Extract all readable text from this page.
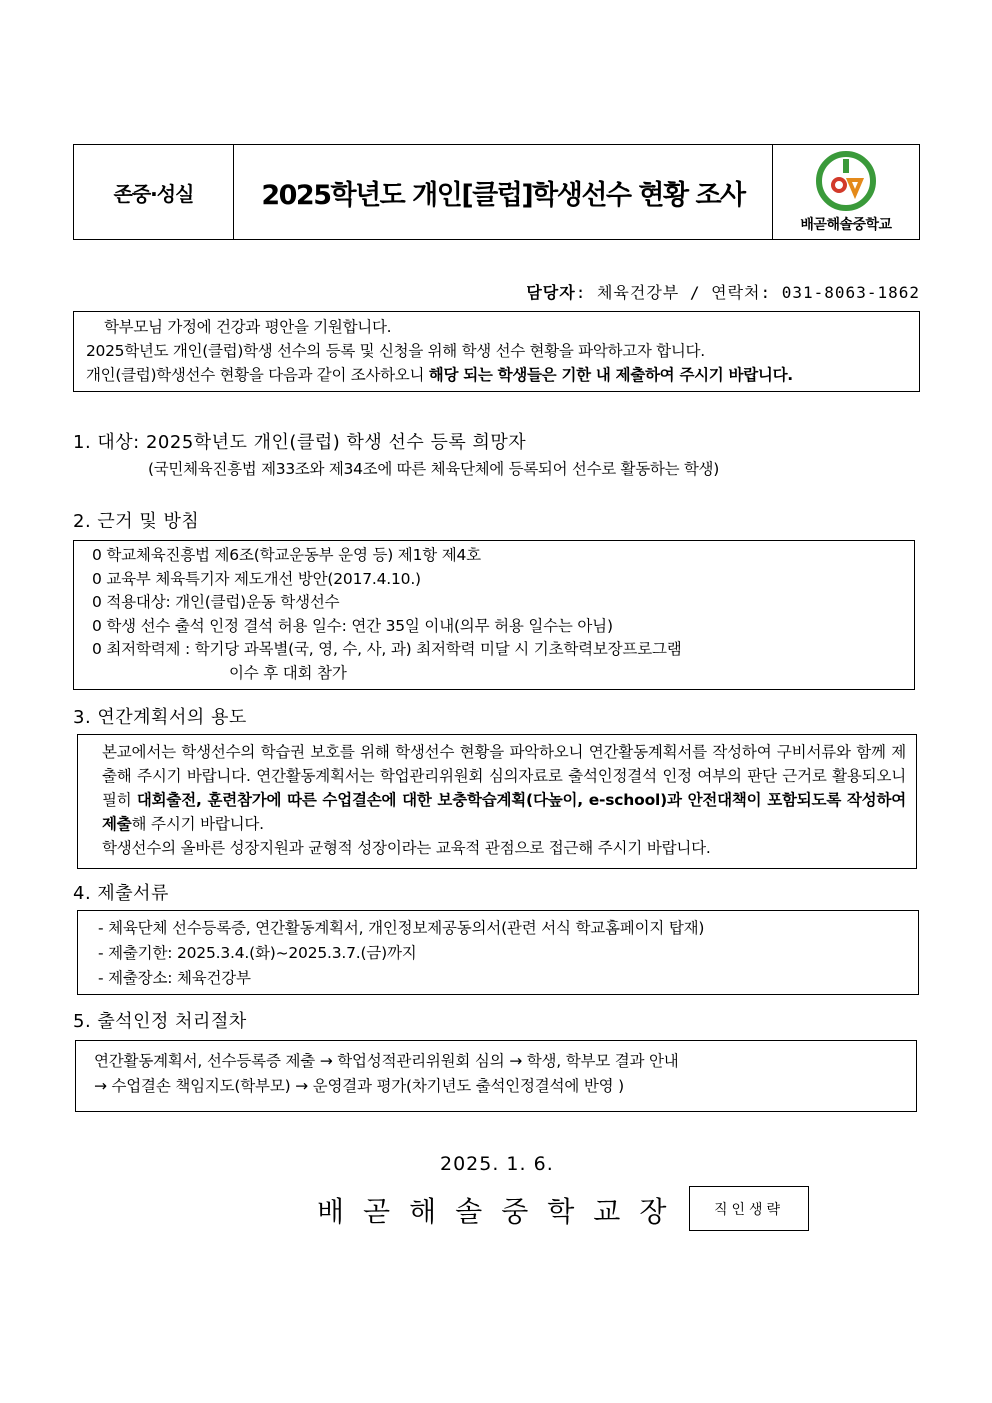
존중·성실	2025학년도 개인[클럽]학생선수 현황 조사
배곧해솔중학교
담당자: 체육건강부 / 연락처: 031-8063-1862

학부모님 가정에 건강과 평안을 기원합니다.

2025학년도 개인(클럽)학생 선수의 등록 및 신청을 위해 학생 선수 현황을 파악하고자 합니다.

개인(클럽)학생선수 현황을 다음과 같이 조사하오니 해당 되는 학생들은 기한 내 제출하여 주시기 바랍니다.

1. 대상: 2025학년도 개인(클럽) 학생 선수 등록 희망자
(국민체육진흥법 제33조와 제34조에 따른 체육단체에 등록되어 선수로 활동하는 학생)
2. 근거 및 방침
0 학교체육진흥법 제6조(학교운동부 운영 등) 제1항 제4호
0 교육부 체육특기자 제도개선 방안(2017.4.10.)
0 적용대상: 개인(클럽)운동 학생선수
0 학생 선수 출석 인정 결석 허용 일수: 연간 35일 이내(의무 허용 일수는 아님)
0 최저학력제 : 학기당 과목별(국, 영, 수, 사, 과) 최저학력 미달 시 기초학력보장프로그램
이수 후 대회 참가
3. 연간계획서의 용도

본교에서는 학생선수의 학습권 보호를 위해 학생선수 현황을 파악하오니 연간활동계획서를 작성하여 구비서류와 함께 제출해 주시기 바랍니다. 연간활동계획서는 학업관리위원회 심의자료로 출석인정결석 인정 여부의 판단 근거로 활용되오니 필히 대회출전, 훈련참가에 따른 수업결손에 대한 보충학습계획(다높이, e-school)과 안전대책이 포함되도록 작성하여 제출해 주시기 바랍니다.

학생선수의 올바른 성장지원과 균형적 성장이라는 교육적 관점으로 접근해 주시기 바랍니다.

4. 제출서류
- 체육단체 선수등록증, 연간활동계획서, 개인정보제공동의서(관련 서식 학교홈페이지 탑재)
- 제출기한: 2025.3.4.(화)~2025.3.7.(금)까지
- 제출장소: 체육건강부
5. 출석인정 처리절차
연간활동계획서, 선수등록증 제출 → 학업성적관리위원회 심의 → 학생, 학부모 결과 안내
→ 수업결손 책임지도(학부모) → 운영결과 평가(차기년도 출석인정결석에 반영 )
2025. 1. 6.
배곧해솔중학교장	직인생략
